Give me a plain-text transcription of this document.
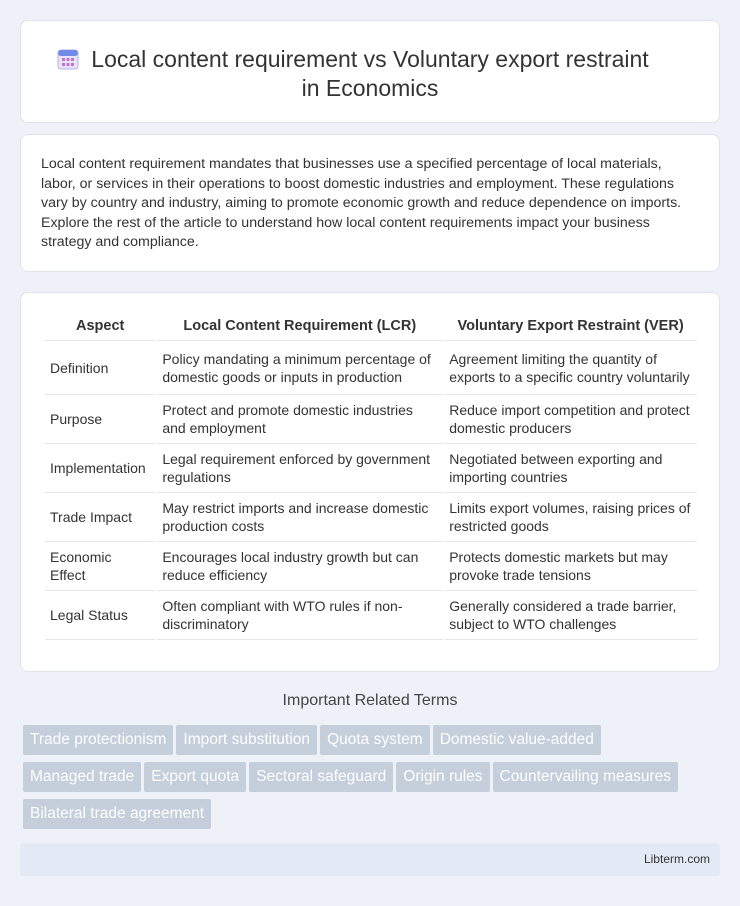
Local content requirement vs Voluntary export restraint
in Economics

Local content requirement mandates that businesses use a specified percentage of local materials, labor, or services in their operations to boost domestic industries and employment. These regulations vary by country and industry, aiming to promote economic growth and reduce dependence on imports. Explore the rest of the article to understand how local content requirements impact your business strategy and compliance.

Aspect	Local Content Requirement (LCR)	Voluntary Export Restraint (VER)
Definition	Policy mandating a minimum percentage of domestic goods or inputs in production	Agreement limiting the quantity of exports to a specific country voluntarily
Purpose	Protect and promote domestic industries and employment	Reduce import competition and protect domestic producers
Implementation	Legal requirement enforced by government regulations	Negotiated between exporting and importing countries
Trade Impact	May restrict imports and increase domestic production costs	Limits export volumes, raising prices of restricted goods
Economic Effect	Encourages local industry growth but can reduce efficiency	Protects domestic markets but may provoke trade tensions
Legal Status	Often compliant with WTO rules if non-discriminatory	Generally considered a trade barrier, subject to WTO challenges
Important Related Terms
Trade protectionism Import substitution Quota system Domestic value-added
Managed trade Export quota Sectoral safeguard Origin rules Countervailing measures
Bilateral trade agreement
Libterm.com
